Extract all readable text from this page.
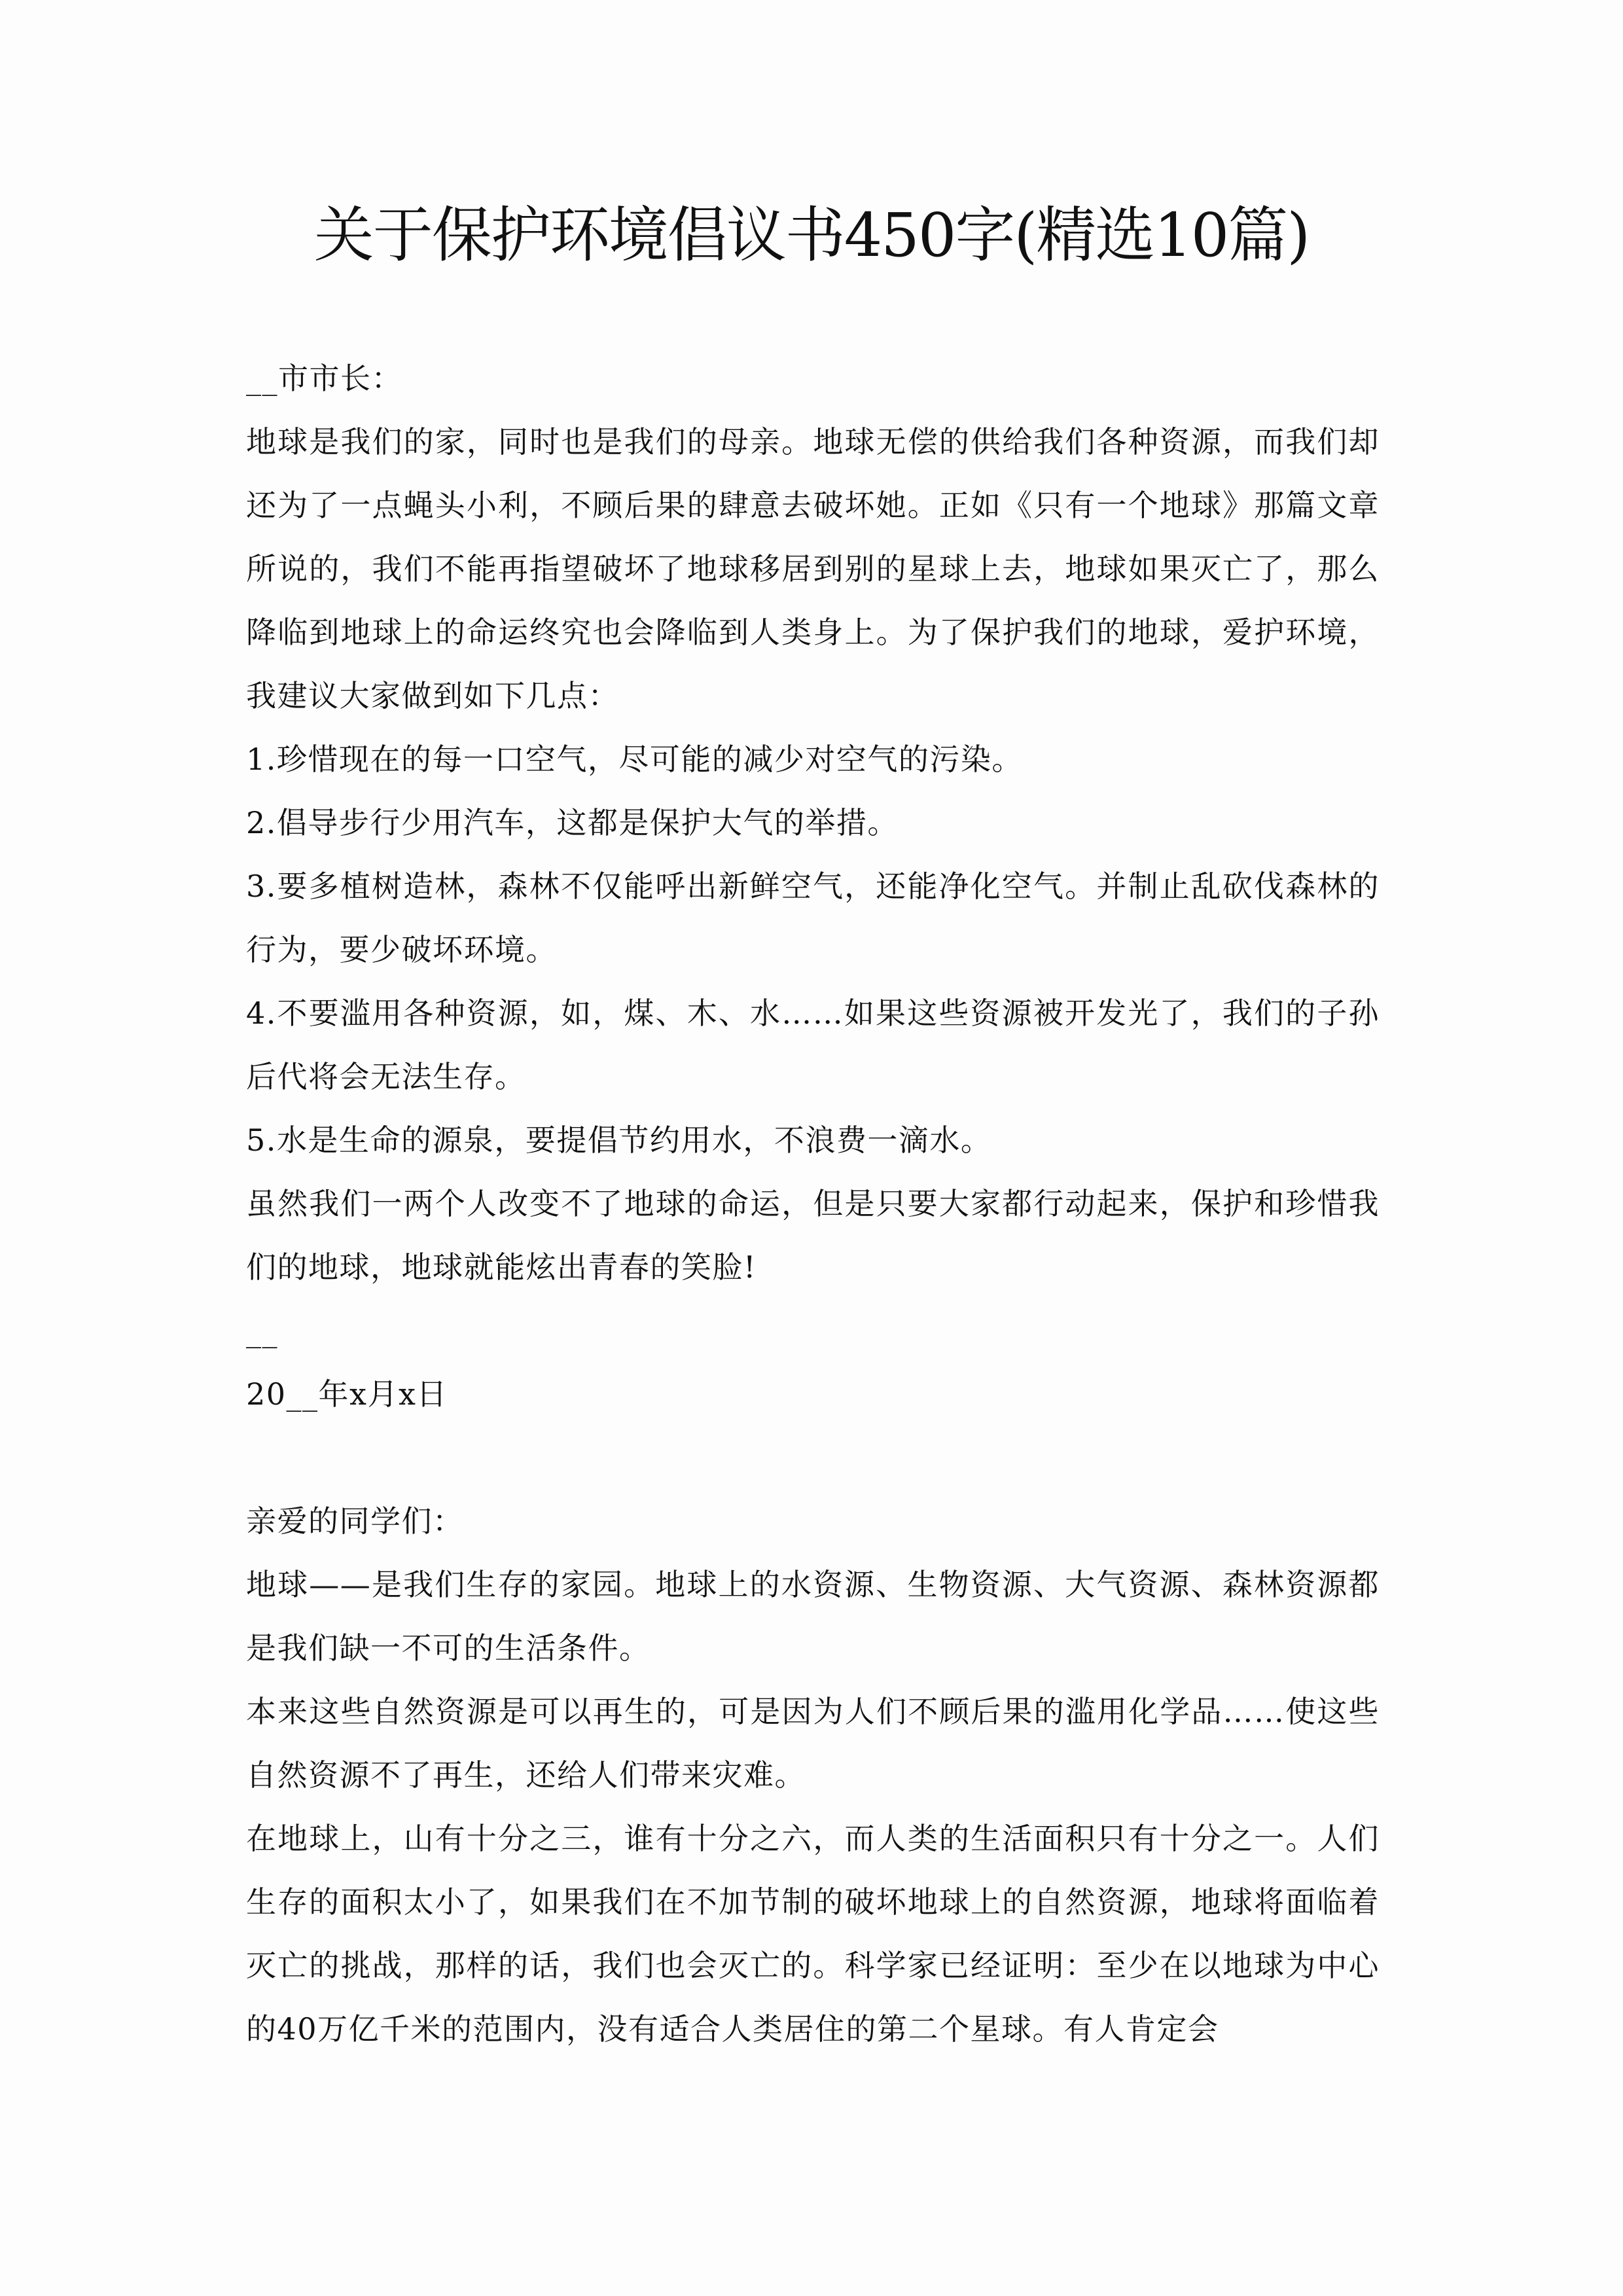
关于保护环境倡议书450字(精选10篇)

__市市长：

地球是我们的家，同时也是我们的母亲。地球无偿的供给我们各种资源，而我们却还为了一点蝇头小利，不顾后果的肆意去破坏她。正如《只有一个地球》那篇文章所说的，我们不能再指望破坏了地球移居到别的星球上去，地球如果灭亡了，那么降临到地球上的命运终究也会降临到人类身上。为了保护我们的地球，爱护环境，我建议大家做到如下几点：

1.珍惜现在的每一口空气，尽可能的减少对空气的污染。

2.倡导步行少用汽车，这都是保护大气的举措。

3.要多植树造林，森林不仅能呼出新鲜空气，还能净化空气。并制止乱砍伐森林的行为，要少破坏环境。

4.不要滥用各种资源，如，煤、木、水……如果这些资源被开发光了，我们的子孙后代将会无法生存。

5.水是生命的源泉，要提倡节约用水，不浪费一滴水。

虽然我们一两个人改变不了地球的命运，但是只要大家都行动起来，保护和珍惜我们的地球，地球就能炫出青春的笑脸!

__

20__年x月x日

亲爱的同学们：

地球——是我们生存的家园。地球上的水资源、生物资源、大气资源、森林资源都是我们缺一不可的生活条件。

本来这些自然资源是可以再生的，可是因为人们不顾后果的滥用化学品……使这些自然资源不了再生，还给人们带来灾难。

在地球上，山有十分之三，谁有十分之六，而人类的生活面积只有十分之一。人们生存的面积太小了，如果我们在不加节制的破坏地球上的自然资源，地球将面临着灭亡的挑战，那样的话，我们也会灭亡的。科学家已经证明：至少在以地球为中心的40万亿千米的范围内，没有适合人类居住的第二个星球。有人肯定会
